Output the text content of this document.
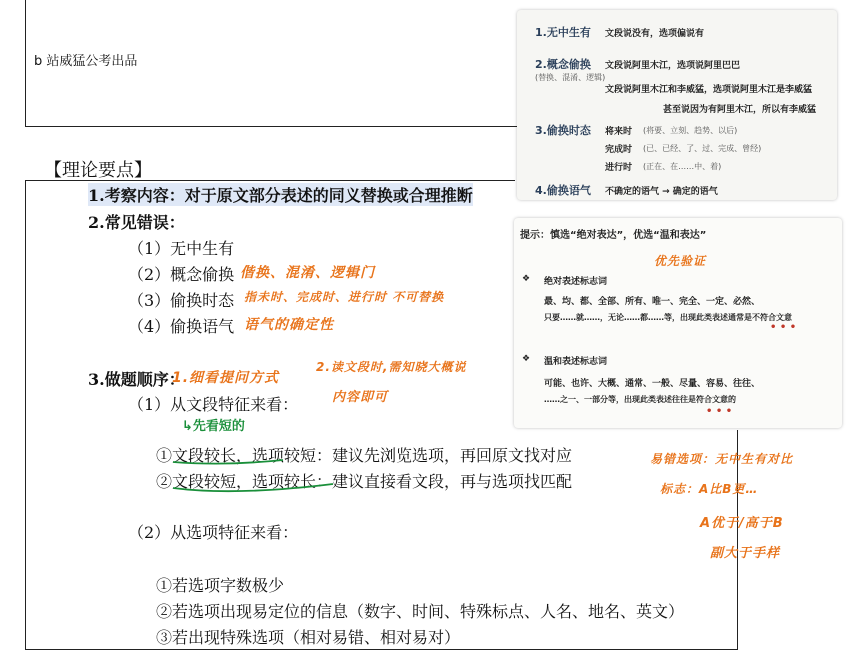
b 站威猛公考出品
【理论要点】
1.考察内容：对于原文部分表述的同义替换或合理推断
2.常见错误：
（1）无中生有
（2）概念偷换
（3）偷换时态
（4）偷换语气
偕换、混淆、逻辑门
指未时、完成时、进行时 不可替换
语气的确定性
3.做题顺序：
1.细看提问方式
2.读文段时,需知晓大概说
内容即可
（1）从文段特征来看：
↳先看短的
①文段较长，选项较短：建议先浏览选项，再回原文找对应
②文段较短，选项较长：建议直接看文段，再与选项找匹配
（2）从选项特征来看：
①若选项字数极少
②若选项出现易定位的信息（数字、时间、特殊标点、人名、地名、英文）
③若出现特殊选项（相对易错、相对易对）
易错选项：无中生有对比
标志：A比B更…
A优于/高于B
副大于手样
1.无中生有 文段说没有，选项偏说有
2.概念偷换
(替换、混淆、逻辑)
文段说阿里木江，选项说阿里巴巴
文段说阿里木江和李威猛，选项说阿里木江是李威猛
甚至说因为有阿里木江，所以有李威猛
3.偷换时态 将来时 (将要、立刻、趋势、以后)
完成时 (已、已经、了、过、完成、曾经)
进行时 (正在、在……中、着)
4.偷换语气 不确定的语气 → 确定的语气
提示：慎选“绝对表达”，优选“温和表达”
优先验证
❖ 绝对表述标志词
最、均、都、全部、所有、唯一、完全、一定、必然、
只要……就……，无论……都……等，出现此类表述通常是不符合文意
• • •
❖ 温和表述标志词
可能、也许、大概、通常、一般、尽量、容易、往往、
……之一、一部分等，出现此类表述往往是符合文意的
• • •
